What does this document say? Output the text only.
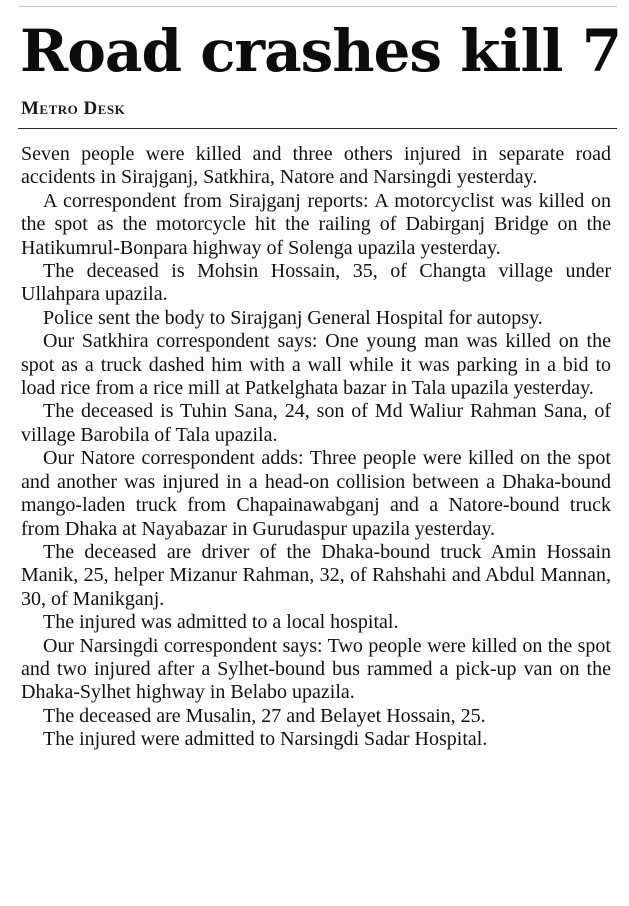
Road crashes kill 7
Metro Desk

Seven people were killed and three others injured in separate road accidents in Sirajganj, Satkhira, Natore and Narsingdi yesterday.

A correspondent from Sirajganj reports: A motorcyclist was killed on the spot as the motorcycle hit the railing of Dabirganj Bridge on the Hatikumrul-Bonpara highway of Solenga upazila yesterday.

The deceased is Mohsin Hossain, 35, of Changta village under Ullahpara upazila.

Police sent the body to Sirajganj General Hospital for autopsy.

Our Satkhira correspondent says: One young man was killed on the spot as a truck dashed him with a wall while it was parking in a bid to load rice from a rice mill at Patkelghata bazar in Tala upazila yesterday.

The deceased is Tuhin Sana, 24, son of Md Waliur Rahman Sana, of village Barobila of Tala upazila.

Our Natore correspondent adds: Three people were killed on the spot and another was injured in a head-on collision between a Dhaka-bound mango-laden truck from Chapainawabganj and a Natore-bound truck from Dhaka at Nayabazar in Gurudaspur upazila yesterday.

The deceased are driver of the Dhaka-bound truck Amin Hossain Manik, 25, helper Mizanur Rahman, 32, of Rahshahi and Abdul Mannan, 30, of Manikganj.

The injured was admitted to a local hospital.

Our Narsingdi correspondent says: Two people were killed on the spot and two injured after a Sylhet-bound bus rammed a pick-up van on the Dhaka-Sylhet highway in Belabo upazila.

The deceased are Musalin, 27 and Belayet Hossain, 25.

The injured were admitted to Narsingdi Sadar Hospital.
